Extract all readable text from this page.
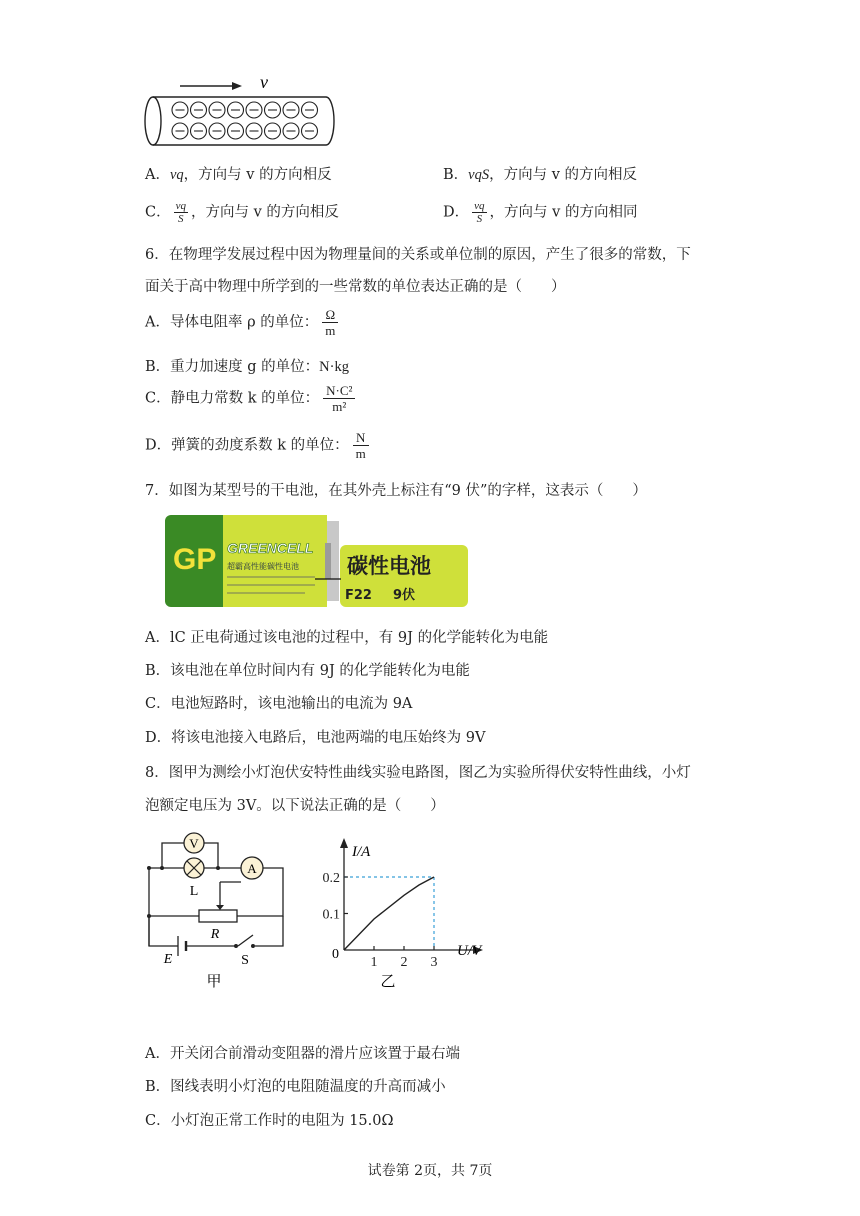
v
A．vq，方向与 v 的方向相反	B．vqS，方向与 v 的方向相反
C． $\frac{vq}{S}$ ，方向与 v 的方向相反	D． $\frac{vq}{S}$ ，方向与 v 的方向相同
6．在物理学发展过程中因为物理量间的关系或单位制的原因，产生了很多的常数，下
面关于高中物理中所学到的一些常数的单位表达正确的是（　　）
A．导体电阻率 ρ 的单位： $\frac{\Omega}{m}$
B．重力加速度 g 的单位：N·kg
C．静电力常数 k 的单位： $\frac{\text{N·C²}}{\text{m²}}$
D．弹簧的劲度系数 k 的单位： $\frac{N}{m}$
7．如图为某型号的干电池，在其外壳上标注有“9 伏”的字样，这表示（　　）
GP GREENCELL
超霸高性能碳性电池 碳性电池
F22 9伏
A．lC 正电荷通过该电池的过程中，有 9J 的化学能转化为电能
B．该电池在单位时间内有 9J 的化学能转化为电能
C．电池短路时，该电池输出的电流为 9A
D．将该电池接入电路后，电池两端的电压始终为 9V
8．图甲为测绘小灯泡伏安特性曲线实验电路图，图乙为实验所得伏安特性曲线，小灯
泡额定电压为 3V。以下说法正确的是（　　）
V
L
A
R
E	S
甲
1 2 3
0.2
0.1
I/A
U/V
0
乙
A．开关闭合前滑动变阻器的滑片应该置于最右端
B．图线表明小灯泡的电阻随温度的升高而减小
C．小灯泡正常工作时的电阻为 15.0Ω
试卷第 2页，共 7页
